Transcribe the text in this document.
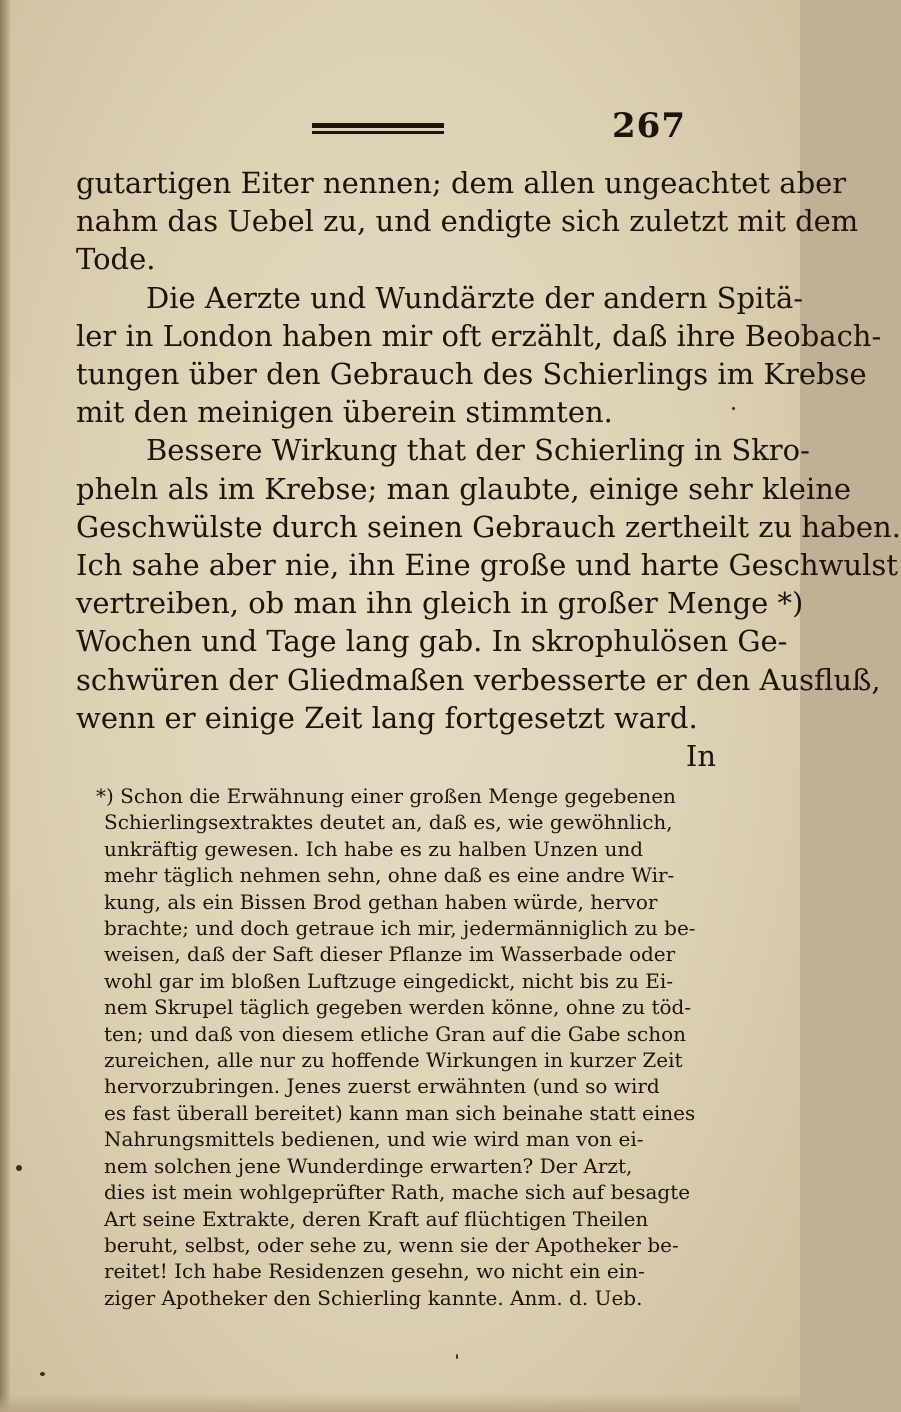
267
gutartigen Eiter nennen; dem allen ungeachtet aber
nahm das Uebel zu, und endigte sich zuletzt mit dem
Tode.
Die Aerzte und Wundärzte der andern Spitä-
ler in London haben mir oft erzählt, daß ihre Beobach-
tungen über den Gebrauch des Schierlings im Krebse
mit den meinigen überein stimmten.
Bessere Wirkung that der Schierling in Skro-
pheln als im Krebse; man glaubte, einige sehr kleine
Geschwülste durch seinen Gebrauch zertheilt zu haben.
Ich sahe aber nie, ihn Eine große und harte Geschwulst
vertreiben, ob man ihn gleich in großer Menge *)
Wochen und Tage lang gab. In skrophulösen Ge-
schwüren der Gliedmaßen verbesserte er den Ausfluß,
wenn er einige Zeit lang fortgesetzt ward.
In
*) Schon die Erwähnung einer großen Menge gegebenen
Schierlingsextraktes deutet an, daß es, wie gewöhnlich,
unkräftig gewesen. Ich habe es zu halben Unzen und
mehr täglich nehmen sehn, ohne daß es eine andre Wir-
kung, als ein Bissen Brod gethan haben würde, hervor
brachte; und doch getraue ich mir, jedermänniglich zu be-
weisen, daß der Saft dieser Pflanze im Wasserbade oder
wohl gar im bloßen Luftzuge eingedickt, nicht bis zu Ei-
nem Skrupel täglich gegeben werden könne, ohne zu töd-
ten; und daß von diesem etliche Gran auf die Gabe schon
zureichen, alle nur zu hoffende Wirkungen in kurzer Zeit
hervorzubringen. Jenes zuerst erwähnten (und so wird
es fast überall bereitet) kann man sich beinahe statt eines
Nahrungsmittels bedienen, und wie wird man von ei-
nem solchen jene Wunderdinge erwarten? Der Arzt,
dies ist mein wohlgeprüfter Rath, mache sich auf besagte
Art seine Extrakte, deren Kraft auf flüchtigen Theilen
beruht, selbst, oder sehe zu, wenn sie der Apotheker be-
reitet! Ich habe Residenzen gesehn, wo nicht ein ein-
ziger Apotheker den Schierling kannte. Anm. d. Ueb.
